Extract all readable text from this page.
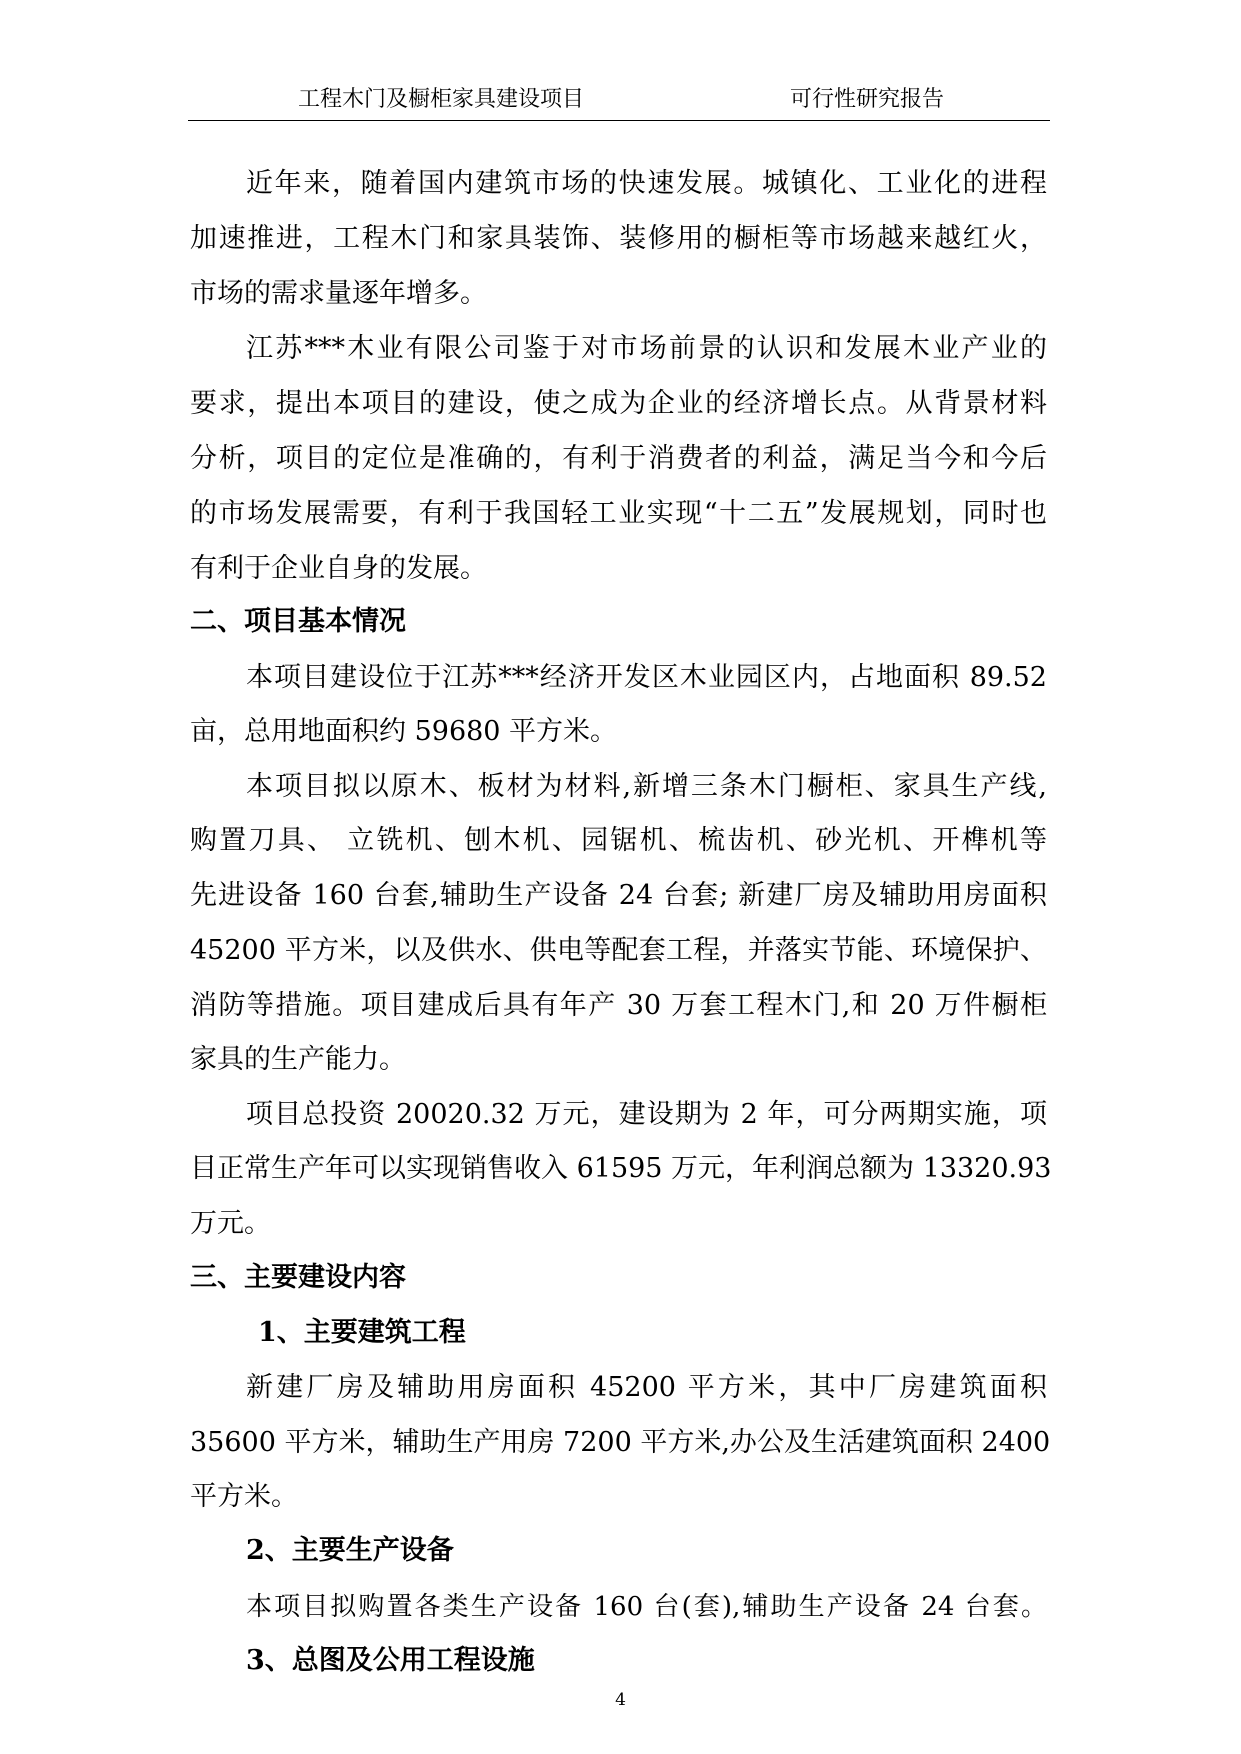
工程木门及橱柜家具建设项目	可行性研究报告
近年来，随着国内建筑市场的快速发展。城镇化、工业化的进程
加速推进，工程木门和家具装饰、装修用的橱柜等市场越来越红火，
市场的需求量逐年增多。
江苏***木业有限公司鉴于对市场前景的认识和发展木业产业的
要求，提出本项目的建设，使之成为企业的经济增长点。从背景材料
分析，项目的定位是准确的，有利于消费者的利益，满足当今和今后
的市场发展需要，有利于我国轻工业实现“十二五”发展规划，同时也
有利于企业自身的发展。
二、项目基本情况
本项目建设位于江苏***经济开发区木业园区内，占地面积 89.52
亩，总用地面积约 59680 平方米。
本项目拟以原木、板材为材料,新增三条木门橱柜、家具生产线,
购置刀具、 立铣机、刨木机、园锯机、梳齿机、砂光机、开榫机等
先进设备 160 台套,辅助生产设备 24 台套; 新建厂房及辅助用房面积
45200 平方米，以及供水、供电等配套工程，并落实节能、环境保护、
消防等措施。项目建成后具有年产 30 万套工程木门,和 20 万件橱柜
家具的生产能力。
项目总投资 20020.32 万元，建设期为 2 年，可分两期实施，项
目正常生产年可以实现销售收入 61595 万元，年利润总额为 13320.93
万元。
三、主要建设内容
1、主要建筑工程
新建厂房及辅助用房面积 45200 平方米，其中厂房建筑面积
35600 平方米，辅助生产用房 7200 平方米,办公及生活建筑面积 2400
平方米。
2、主要生产设备
本项目拟购置各类生产设备 160 台(套),辅助生产设备 24 台套。
3、总图及公用工程设施
4
